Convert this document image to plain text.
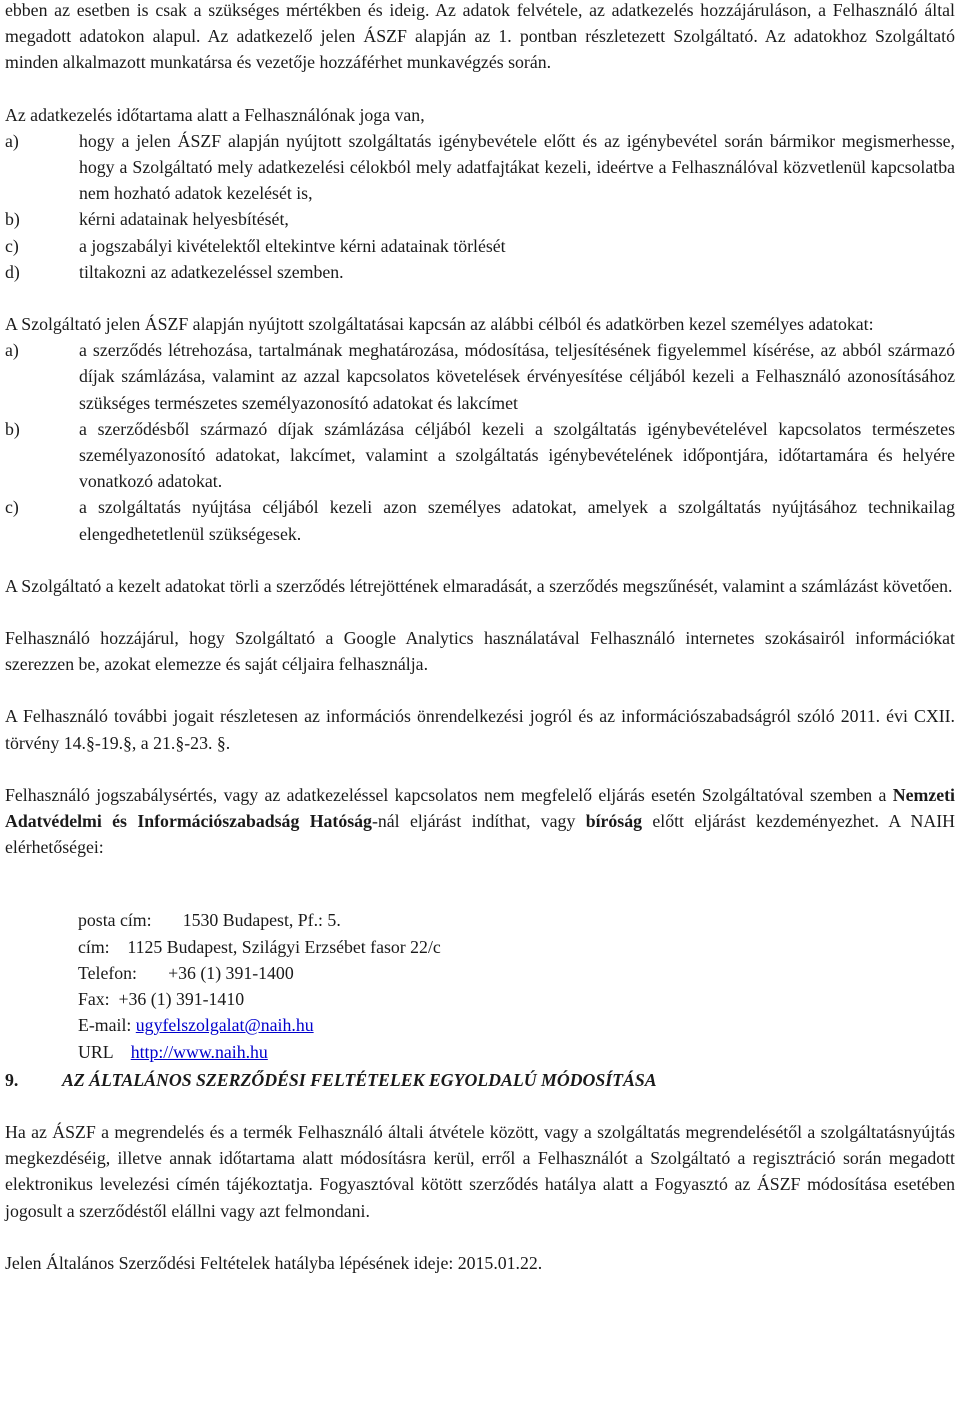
ebben az esetben is csak a szükséges mértékben és ideig. Az adatok felvétele, az adatkezelés hozzájáruláson, a Felhasználó által megadott adatokon alapul. Az adatkezelő jelen ÁSZF alapján az 1. pontban részletezett Szolgáltató. Az adatokhoz Szolgáltató minden alkalmazott munkatársa és vezetője hozzáférhet munkavégzés során.

Az adatkezelés időtartama alatt a Felhasználónak joga van,

a)	hogy a jelen ÁSZF alapján nyújtott szolgáltatás igénybevétele előtt és az igénybevétel során bármikor megismerhesse, hogy a Szolgáltató mely adatkezelési célokból mely adatfajtákat kezeli, ideértve a Felhasználóval közvetlenül kapcsolatba nem hozható adatok kezelését is,
b)	kérni adatainak helyesbítését,
c)	a jogszabályi kivételektől eltekintve kérni adatainak törlését
d)	tiltakozni az adatkezeléssel szemben.

A Szolgáltató jelen ÁSZF alapján nyújtott szolgáltatásai kapcsán az alábbi célból és adatkörben kezel személyes adatokat:

a)	a szerződés létrehozása, tartalmának meghatározása, módosítása, teljesítésének figyelemmel kísérése, az abból származó díjak számlázása, valamint az azzal kapcsolatos követelések érvényesítése céljából kezeli a Felhasználó azonosításához szükséges természetes személyazonosító adatokat és lakcímet
b)	a szerződésből származó díjak számlázása céljából kezeli a szolgáltatás igénybevételével kapcsolatos természetes személyazonosító adatokat, lakcímet, valamint a szolgáltatás igénybevételének időpontjára, időtartamára és helyére vonatkozó adatokat.
c)	a szolgáltatás nyújtása céljából kezeli azon személyes adatokat, amelyek a szolgáltatás nyújtásához technikailag elengedhetetlenül szükségesek.

A Szolgáltató a kezelt adatokat törli a szerződés létrejöttének elmaradását, a szerződés megszűnését, valamint a számlázást követően.

Felhasználó hozzájárul, hogy Szolgáltató a Google Analytics használatával Felhasználó internetes szokásairól információkat szerezzen be, azokat elemezze és saját céljaira felhasználja.

A Felhasználó további jogait részletesen az információs önrendelkezési jogról és az információszabadságról szóló 2011. évi CXII. törvény 14.§-19.§, a 21.§-23. §.

Felhasználó jogszabálysértés, vagy az adatkezeléssel kapcsolatos nem megfelelő eljárás esetén Szolgáltatóval szemben a Nemzeti Adatvédelmi és Információszabadság Hatóság-nál eljárást indíthat, vagy bíróság előtt eljárást kezdeményezhet. A NAIH elérhetőségei:

posta cím: 1530 Budapest, Pf.: 5.
cím: 1125 Budapest, Szilágyi Erzsébet fasor 22/c
Telefon: +36 (1) 391-1400
Fax: +36 (1) 391-1410
E-mail: ugyfelszolgalat@naih.hu
URL http://www.naih.hu

9. AZ ÁLTALÁNOS SZERZŐDÉSI FELTÉTELEK EGYOLDALÚ MÓDOSÍTÁSA

Ha az ÁSZF a megrendelés és a termék Felhasználó általi átvétele között, vagy a szolgáltatás megrendelésétől a szolgáltatásnyújtás megkezdéséig, illetve annak időtartama alatt módosításra kerül, erről a Felhasználót a Szolgáltató a regisztráció során megadott elektronikus levelezési címén tájékoztatja. Fogyasztóval kötött szerződés hatálya alatt a Fogyasztó az ÁSZF módosítása esetében jogosult a szerződéstől elállni vagy azt felmondani.

Jelen Általános Szerződési Feltételek hatályba lépésének ideje: 2015.01.22.
